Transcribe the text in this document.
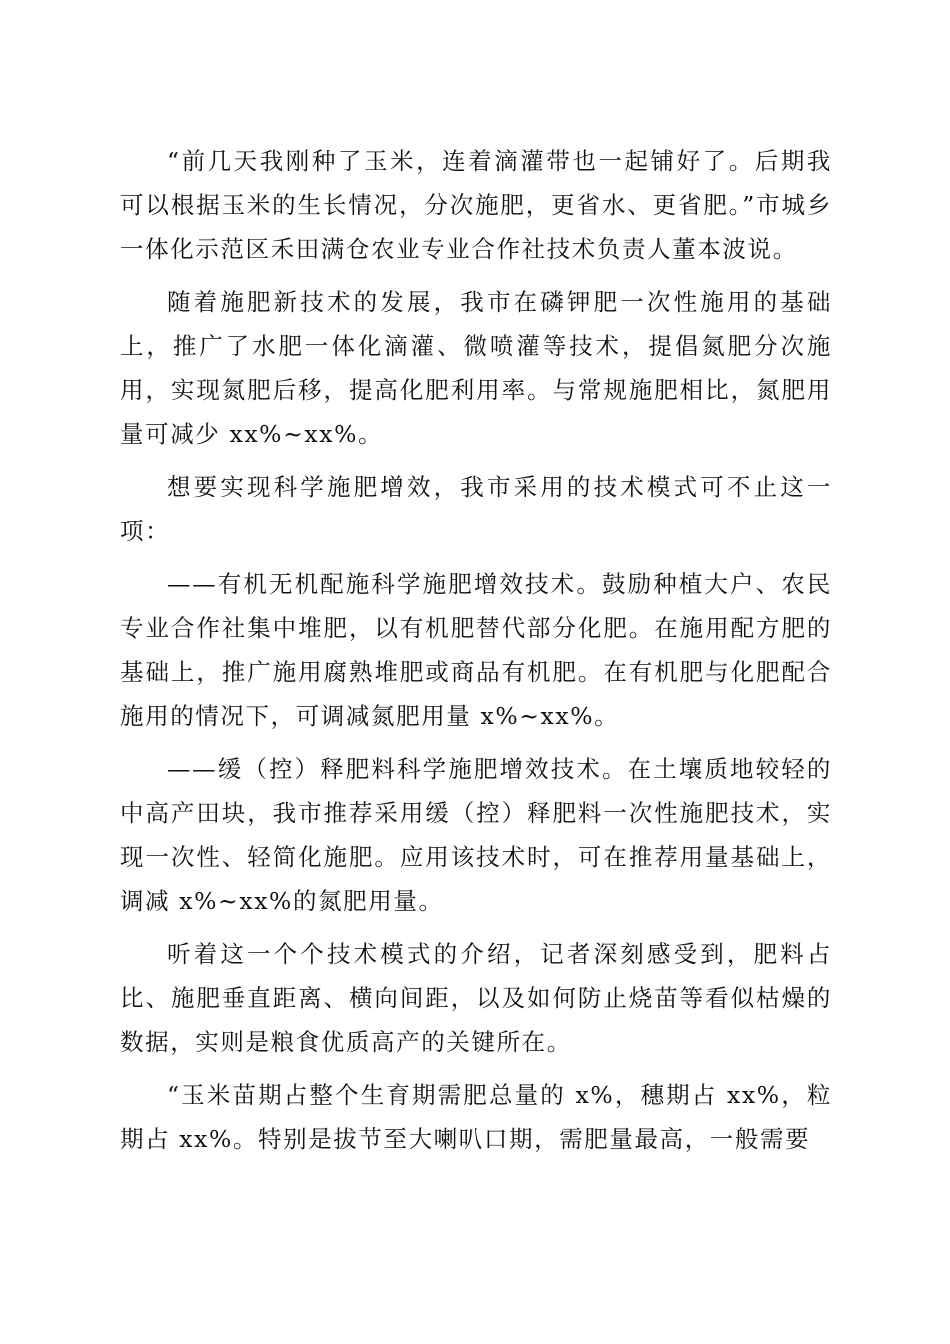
“前几天我刚种了玉米，连着滴灌带也一起铺好了。后期我可以根据玉米的生长情况，分次施肥，更省水、更省肥。”市城乡一体化示范区禾田满仓农业专业合作社技术负责人董本波说。

随着施肥新技术的发展，我市在磷钾肥一次性施用的基础上，推广了水肥一体化滴灌、微喷灌等技术，提倡氮肥分次施用，实现氮肥后移，提高化肥利用率。与常规施肥相比，氮肥用量可减少 xx%~xx%。

想要实现科学施肥增效，我市采用的技术模式可不止这一项：

——有机无机配施科学施肥增效技术。鼓励种植大户、农民专业合作社集中堆肥，以有机肥替代部分化肥。在施用配方肥的基础上，推广施用腐熟堆肥或商品有机肥。在有机肥与化肥配合施用的情况下，可调减氮肥用量 x%~xx%。

——缓（控）释肥料科学施肥增效技术。在土壤质地较轻的中高产田块，我市推荐采用缓（控）释肥料一次性施肥技术，实现一次性、轻简化施肥。应用该技术时，可在推荐用量基础上，调减 x%~xx%的氮肥用量。

听着这一个个技术模式的介绍，记者深刻感受到，肥料占比、施肥垂直距离、横向间距，以及如何防止烧苗等看似枯燥的数据，实则是粮食优质高产的关键所在。

“玉米苗期占整个生育期需肥总量的 x%，穗期占 xx%，粒期占 xx%。特别是拔节至大喇叭口期，需肥量最高，一般需要
